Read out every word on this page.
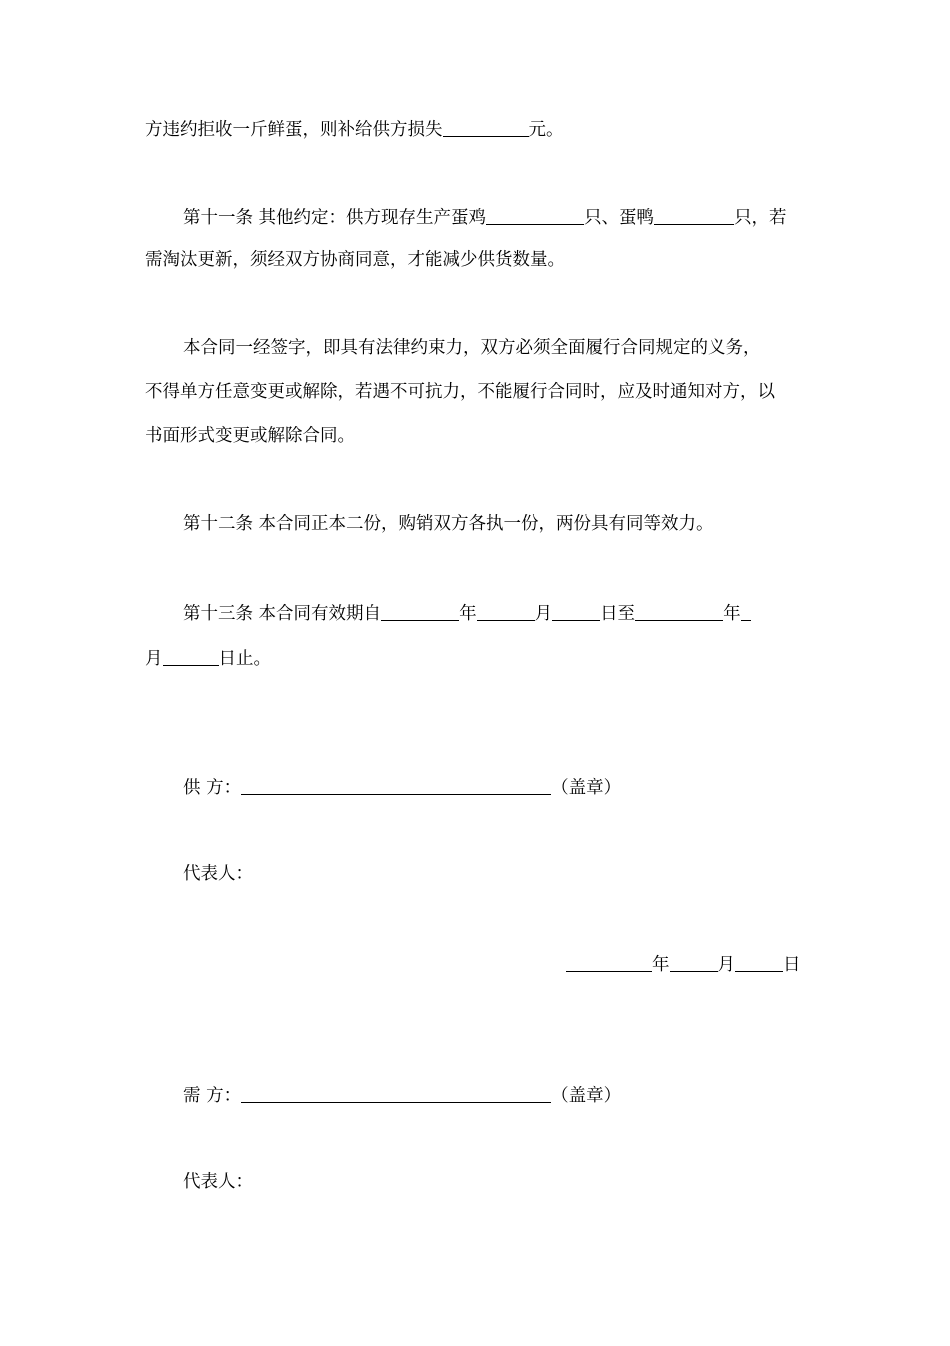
方违约拒收一斤鲜蛋，则补给供方损失	元。
第十一条 其他约定：供方现存生产蛋鸡	只、蛋鸭	只，若
需淘汰更新，须经双方协商同意，才能减少供货数量。
本合同一经签字，即具有法律约束力，双方必须全面履行合同规定的义务，
不得单方任意变更或解除，若遇不可抗力，不能履行合同时，应及时通知对方，以
书面形式变更或解除合同。
第十二条 本合同正本二份，购销双方各执一份，两份具有同等效力。
第十三条 本合同有效期自	年	月	日至	年
月	日止。
供 方：	（盖章）
代表人：
年	月	日
需 方：	（盖章）
代表人：
